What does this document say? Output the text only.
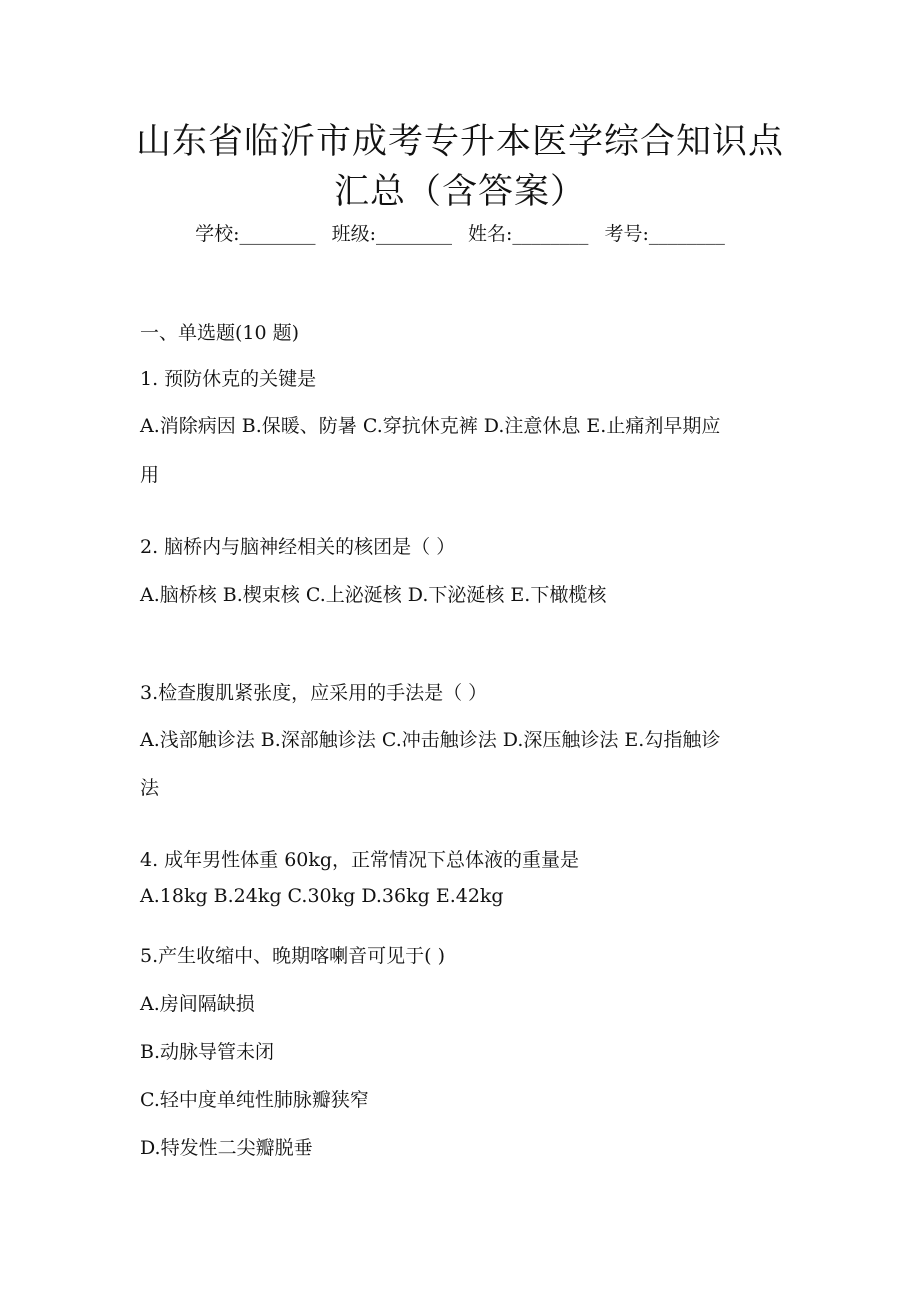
山东省临沂市成考专升本医学综合知识点
汇总（含答案）
学校:________ 班级:________ 姓名:________ 考号:________

一、单选题(10 题)

1. 预防休克的关键是

A.消除病因 B.保暖、防暑 C.穿抗休克裤 D.注意休息 E.止痛剂早期应

用

2. 脑桥内与脑神经相关的核团是（ ）

A.脑桥核 B.楔束核 C.上泌涎核 D.下泌涎核 E.下橄榄核

3.检查腹肌紧张度，应采用的手法是（ ）

A.浅部触诊法 B.深部触诊法 C.冲击触诊法 D.深压触诊法 E.勾指触诊

法

4. 成年男性体重 60kg，正常情况下总体液的重量是

A.18kg B.24kg C.30kg D.36kg E.42kg

5.产生收缩中、晚期喀喇音可见于( )

A.房间隔缺损

B.动脉导管未闭

C.轻中度单纯性肺脉瓣狭窄

D.特发性二尖瓣脱垂
